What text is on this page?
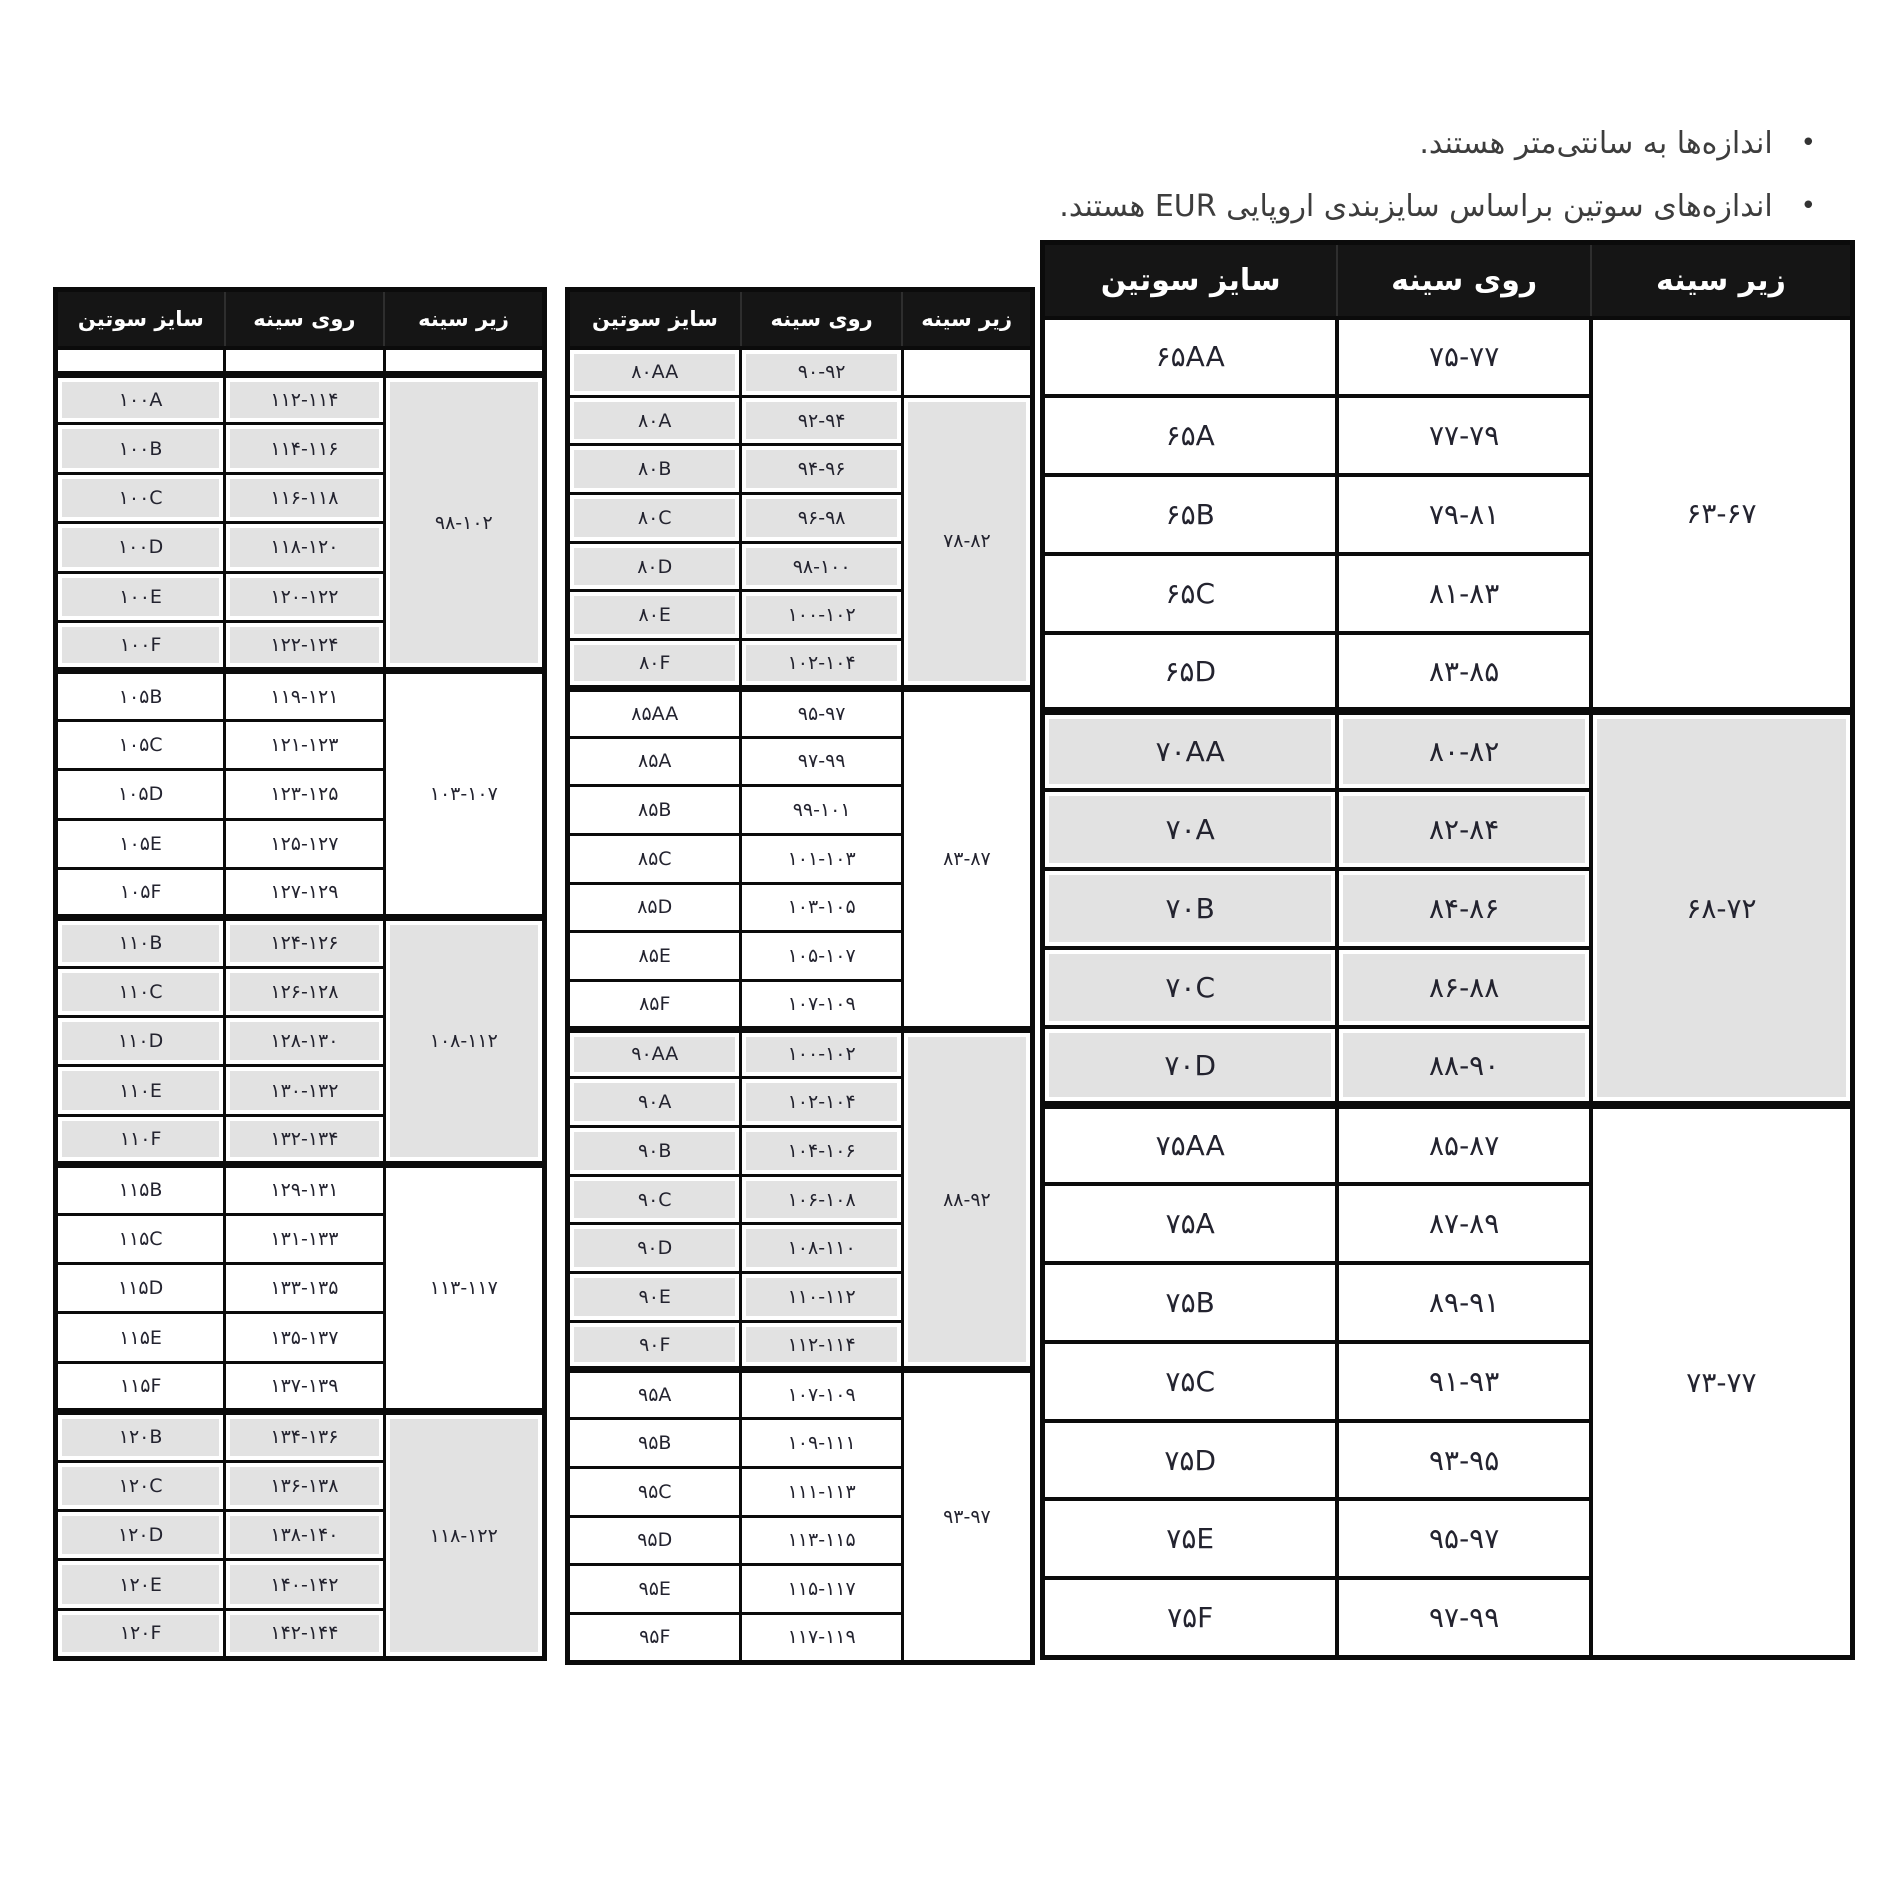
•اندازه‌ها به سانتی‌متر هستند.
•اندازه‌های سوتین براساس سایزبندی اروپایی EUR هستند.
زیر سینه	روی سینه	سایز سوتین
۶۳-۶۷	۷۵-۷۷	۶۵AA
	۷۷-۷۹	۶۵A
	۷۹-۸۱	۶۵B
	۸۱-۸۳	۶۵C
	۸۳-۸۵	۶۵D
۶۸-۷۲	۸۰-۸۲	۷۰AA
	۸۲-۸۴	۷۰A
	۸۴-۸۶	۷۰B
	۸۶-۸۸	۷۰C
	۸۸-۹۰	۷۰D
۷۳-۷۷	۸۵-۸۷	۷۵AA
	۸۷-۸۹	۷۵A
	۸۹-۹۱	۷۵B
	۹۱-۹۳	۷۵C
	۹۳-۹۵	۷۵D
	۹۵-۹۷	۷۵E
	۹۷-۹۹	۷۵F
زیر سینه	روی سینه	سایز سوتین
	۹۰-۹۲	۸۰AA
۷۸-۸۲	۹۲-۹۴	۸۰A
	۹۴-۹۶	۸۰B
	۹۶-۹۸	۸۰C
	۹۸-۱۰۰	۸۰D
	۱۰۰-۱۰۲	۸۰E
	۱۰۲-۱۰۴	۸۰F
۸۳-۸۷	۹۵-۹۷	۸۵AA
	۹۷-۹۹	۸۵A
	۹۹-۱۰۱	۸۵B
	۱۰۱-۱۰۳	۸۵C
	۱۰۳-۱۰۵	۸۵D
	۱۰۵-۱۰۷	۸۵E
	۱۰۷-۱۰۹	۸۵F
۸۸-۹۲	۱۰۰-۱۰۲	۹۰AA
	۱۰۲-۱۰۴	۹۰A
	۱۰۴-۱۰۶	۹۰B
	۱۰۶-۱۰۸	۹۰C
	۱۰۸-۱۱۰	۹۰D
	۱۱۰-۱۱۲	۹۰E
	۱۱۲-۱۱۴	۹۰F
۹۳-۹۷	۱۰۷-۱۰۹	۹۵A
	۱۰۹-۱۱۱	۹۵B
	۱۱۱-۱۱۳	۹۵C
	۱۱۳-۱۱۵	۹۵D
	۱۱۵-۱۱۷	۹۵E
	۱۱۷-۱۱۹	۹۵F
زیر سینه	روی سینه	سایز سوتین

۹۸-۱۰۲	۱۱۲-۱۱۴	۱۰۰A
	۱۱۴-۱۱۶	۱۰۰B
	۱۱۶-۱۱۸	۱۰۰C
	۱۱۸-۱۲۰	۱۰۰D
	۱۲۰-۱۲۲	۱۰۰E
	۱۲۲-۱۲۴	۱۰۰F
۱۰۳-۱۰۷	۱۱۹-۱۲۱	۱۰۵B
	۱۲۱-۱۲۳	۱۰۵C
	۱۲۳-۱۲۵	۱۰۵D
	۱۲۵-۱۲۷	۱۰۵E
	۱۲۷-۱۲۹	۱۰۵F
۱۰۸-۱۱۲	۱۲۴-۱۲۶	۱۱۰B
	۱۲۶-۱۲۸	۱۱۰C
	۱۲۸-۱۳۰	۱۱۰D
	۱۳۰-۱۳۲	۱۱۰E
	۱۳۲-۱۳۴	۱۱۰F
۱۱۳-۱۱۷	۱۲۹-۱۳۱	۱۱۵B
	۱۳۱-۱۳۳	۱۱۵C
	۱۳۳-۱۳۵	۱۱۵D
	۱۳۵-۱۳۷	۱۱۵E
	۱۳۷-۱۳۹	۱۱۵F
۱۱۸-۱۲۲	۱۳۴-۱۳۶	۱۲۰B
	۱۳۶-۱۳۸	۱۲۰C
	۱۳۸-۱۴۰	۱۲۰D
	۱۴۰-۱۴۲	۱۲۰E
	۱۴۲-۱۴۴	۱۲۰F
